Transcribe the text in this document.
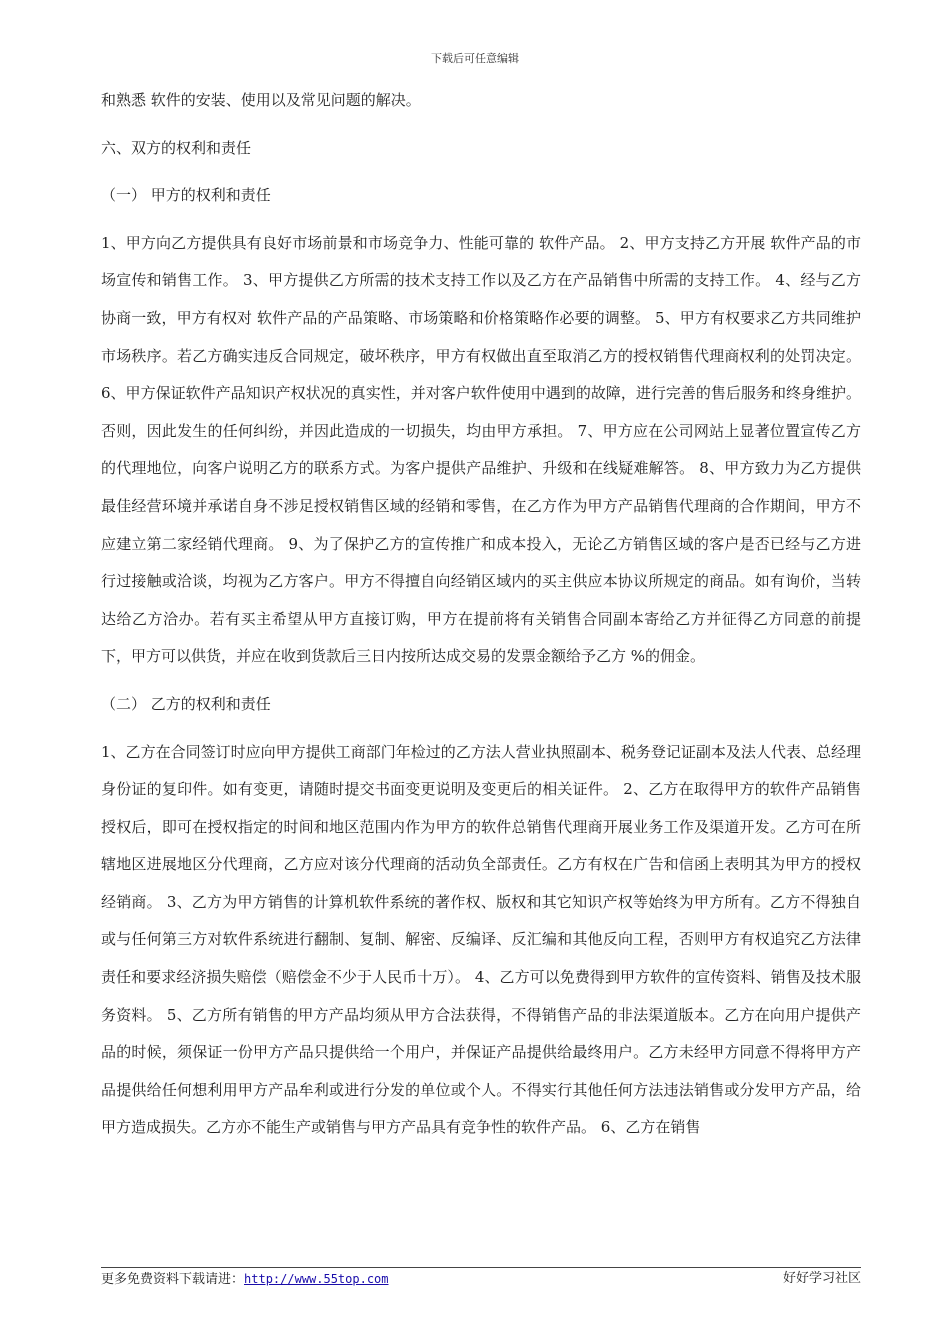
下载后可任意编辑

和熟悉 软件的安装、使用以及常见问题的解决。

六、双方的权利和责任

（一） 甲方的权利和责任

1、甲方向乙方提供具有良好市场前景和市场竞争力、性能可靠的 软件产品。 2、甲方支持乙方开展 软件产品的市场宣传和销售工作。 3、甲方提供乙方所需的技术支持工作以及乙方在产品销售中所需的支持工作。 4、经与乙方协商一致，甲方有权对 软件产品的产品策略、市场策略和价格策略作必要的调整。 5、甲方有权要求乙方共同维护市场秩序。若乙方确实违反合同规定，破坏秩序，甲方有权做出直至取消乙方的授权销售代理商权利的处罚决定。 6、甲方保证软件产品知识产权状况的真实性，并对客户软件使用中遇到的故障，进行完善的售后服务和终身维护。否则，因此发生的任何纠纷，并因此造成的一切损失，均由甲方承担。 7、甲方应在公司网站上显著位置宣传乙方的代理地位，向客户说明乙方的联系方式。为客户提供产品维护、升级和在线疑难解答。 8、甲方致力为乙方提供最佳经营环境并承诺自身不涉足授权销售区域的经销和零售，在乙方作为甲方产品销售代理商的合作期间，甲方不应建立第二家经销代理商。 9、为了保护乙方的宣传推广和成本投入，无论乙方销售区域的客户是否已经与乙方进行过接触或洽谈，均视为乙方客户。甲方不得擅自向经销区域内的买主供应本协议所规定的商品。如有询价，当转达给乙方洽办。若有买主希望从甲方直接订购，甲方在提前将有关销售合同副本寄给乙方并征得乙方同意的前提下，甲方可以供货，并应在收到货款后三日内按所达成交易的发票金额给予乙方 %的佣金。

（二） 乙方的权利和责任

1、乙方在合同签订时应向甲方提供工商部门年检过的乙方法人营业执照副本、税务登记证副本及法人代表、总经理身份证的复印件。如有变更，请随时提交书面变更说明及变更后的相关证件。 2、乙方在取得甲方的软件产品销售授权后，即可在授权指定的时间和地区范围内作为甲方的软件总销售代理商开展业务工作及渠道开发。乙方可在所辖地区进展地区分代理商，乙方应对该分代理商的活动负全部责任。乙方有权在广告和信函上表明其为甲方的授权经销商。 3、乙方为甲方销售的计算机软件系统的著作权、版权和其它知识产权等始终为甲方所有。乙方不得独自或与任何第三方对软件系统进行翻制、复制、解密、反编译、反汇编和其他反向工程，否则甲方有权追究乙方法律责任和要求经济损失赔偿（赔偿金不少于人民币十万）。 4、乙方可以免费得到甲方软件的宣传资料、销售及技术服务资料。 5、乙方所有销售的甲方产品均须从甲方合法获得，不得销售产品的非法渠道版本。乙方在向用户提供产品的时候，须保证一份甲方产品只提供给一个用户，并保证产品提供给最终用户。乙方未经甲方同意不得将甲方产品提供给任何想利用甲方产品牟利或进行分发的单位或个人。不得实行其他任何方法违法销售或分发甲方产品，给甲方造成损失。乙方亦不能生产或销售与甲方产品具有竞争性的软件产品。 6、乙方在销售

更多免费资料下载请进：http://www.55top.com	好好学习社区
